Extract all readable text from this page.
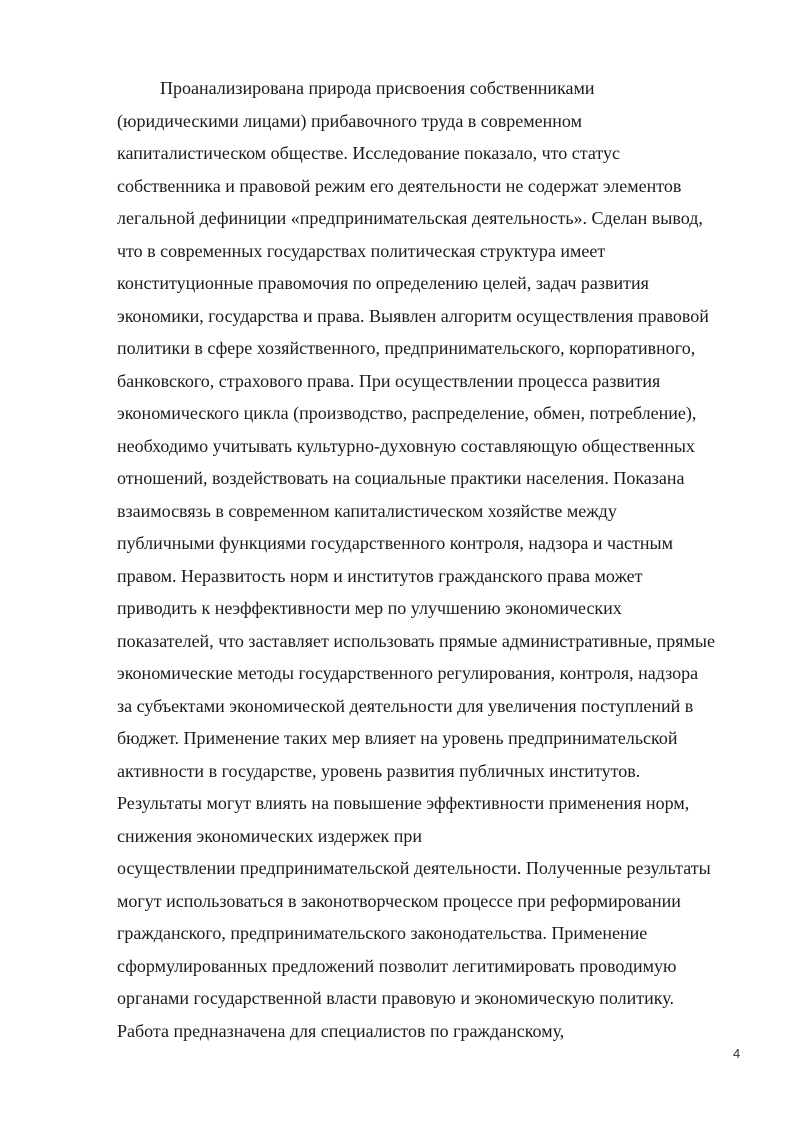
Проанализирована природа присвоения собственниками
(юридическими лицами) прибавочного труда в современном
капиталистическом обществе. Исследование показало, что статус
собственника и правовой режим его деятельности не содержат элементов
легальной дефиниции «предпринимательская деятельность». Сделан вывод,
что в современных государствах политическая структура имеет
конституционные правомочия по определению целей, задач развития
экономики, государства и права. Выявлен алгоритм осуществления правовой
политики в сфере хозяйственного, предпринимательского, корпоративного,
банковского, страхового права. При осуществлении процесса развития
экономического цикла (производство, распределение, обмен, потребление),
необходимо учитывать культурно-духовную составляющую общественных
отношений, воздействовать на социальные практики населения. Показана
взаимосвязь в современном капиталистическом хозяйстве между
публичными функциями государственного контроля, надзора и частным
правом. Неразвитость норм и институтов гражданского права может
приводить к неэффективности мер по улучшению экономических
показателей, что заставляет использовать прямые административные, прямые
экономические методы государственного регулирования, контроля, надзора
за субъектами экономической деятельности для увеличения поступлений в
бюджет. Применение таких мер влияет на уровень предпринимательской
активности в государстве, уровень развития публичных институтов.
Результаты могут влиять на повышение эффективности применения норм,
снижения экономических издержек при
осуществлении предпринимательской деятельности. Полученные результаты
могут использоваться в законотворческом процессе при реформировании
гражданского, предпринимательского законодательства. Применение
сформулированных предложений позволит легитимировать проводимую
органами государственной власти правовую и экономическую политику.
Работа предназначена для специалистов по гражданскому,

4
